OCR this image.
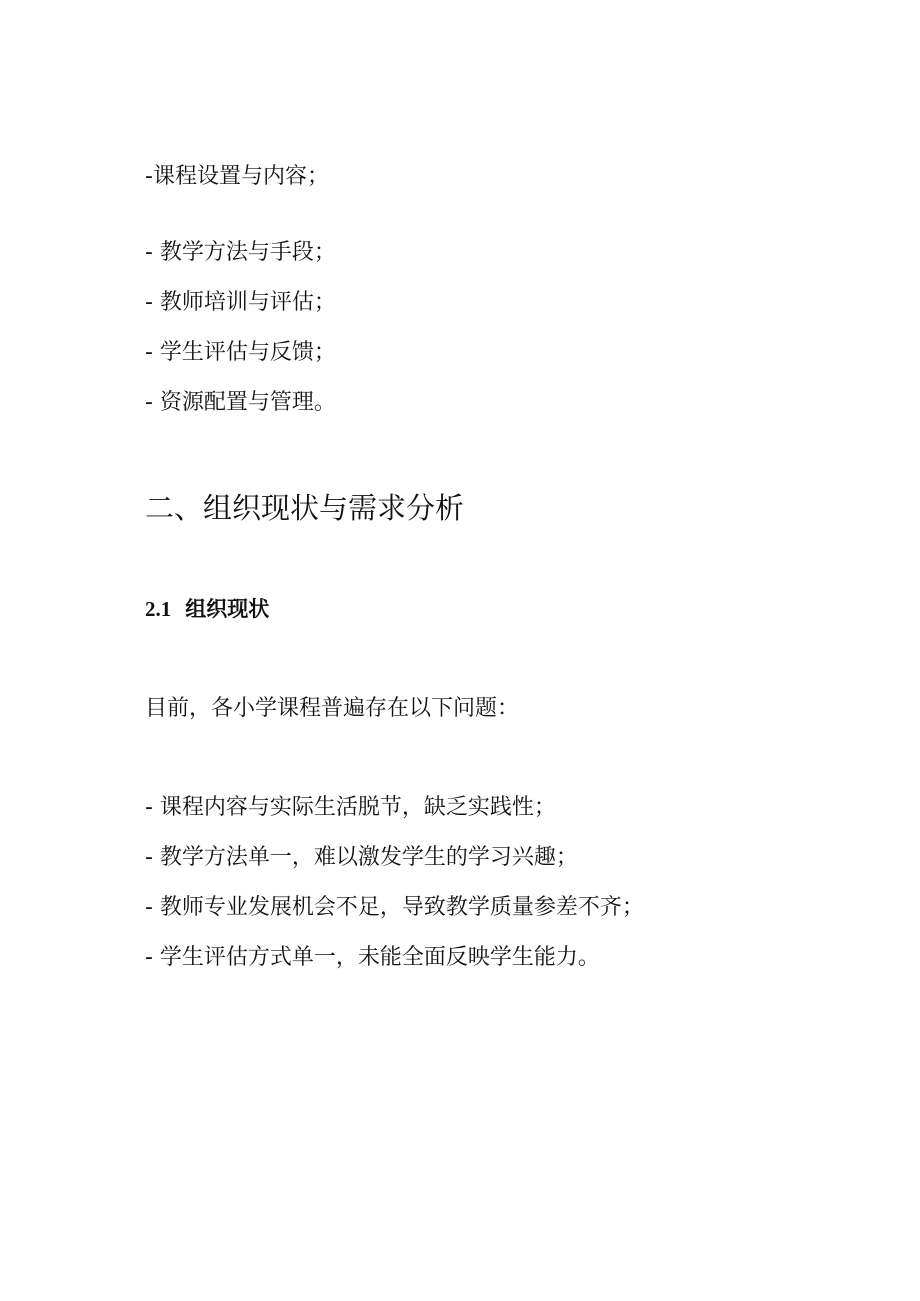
-课程设置与内容；
- 教学方法与手段；
- 教师培训与评估；
- 学生评估与反馈；
- 资源配置与管理。
二、组织现状与需求分析
2.1 组织现状
目前，各小学课程普遍存在以下问题：
- 课程内容与实际生活脱节，缺乏实践性；
- 教学方法单一，难以激发学生的学习兴趣；
- 教师专业发展机会不足，导致教学质量参差不齐；
- 学生评估方式单一，未能全面反映学生能力。
